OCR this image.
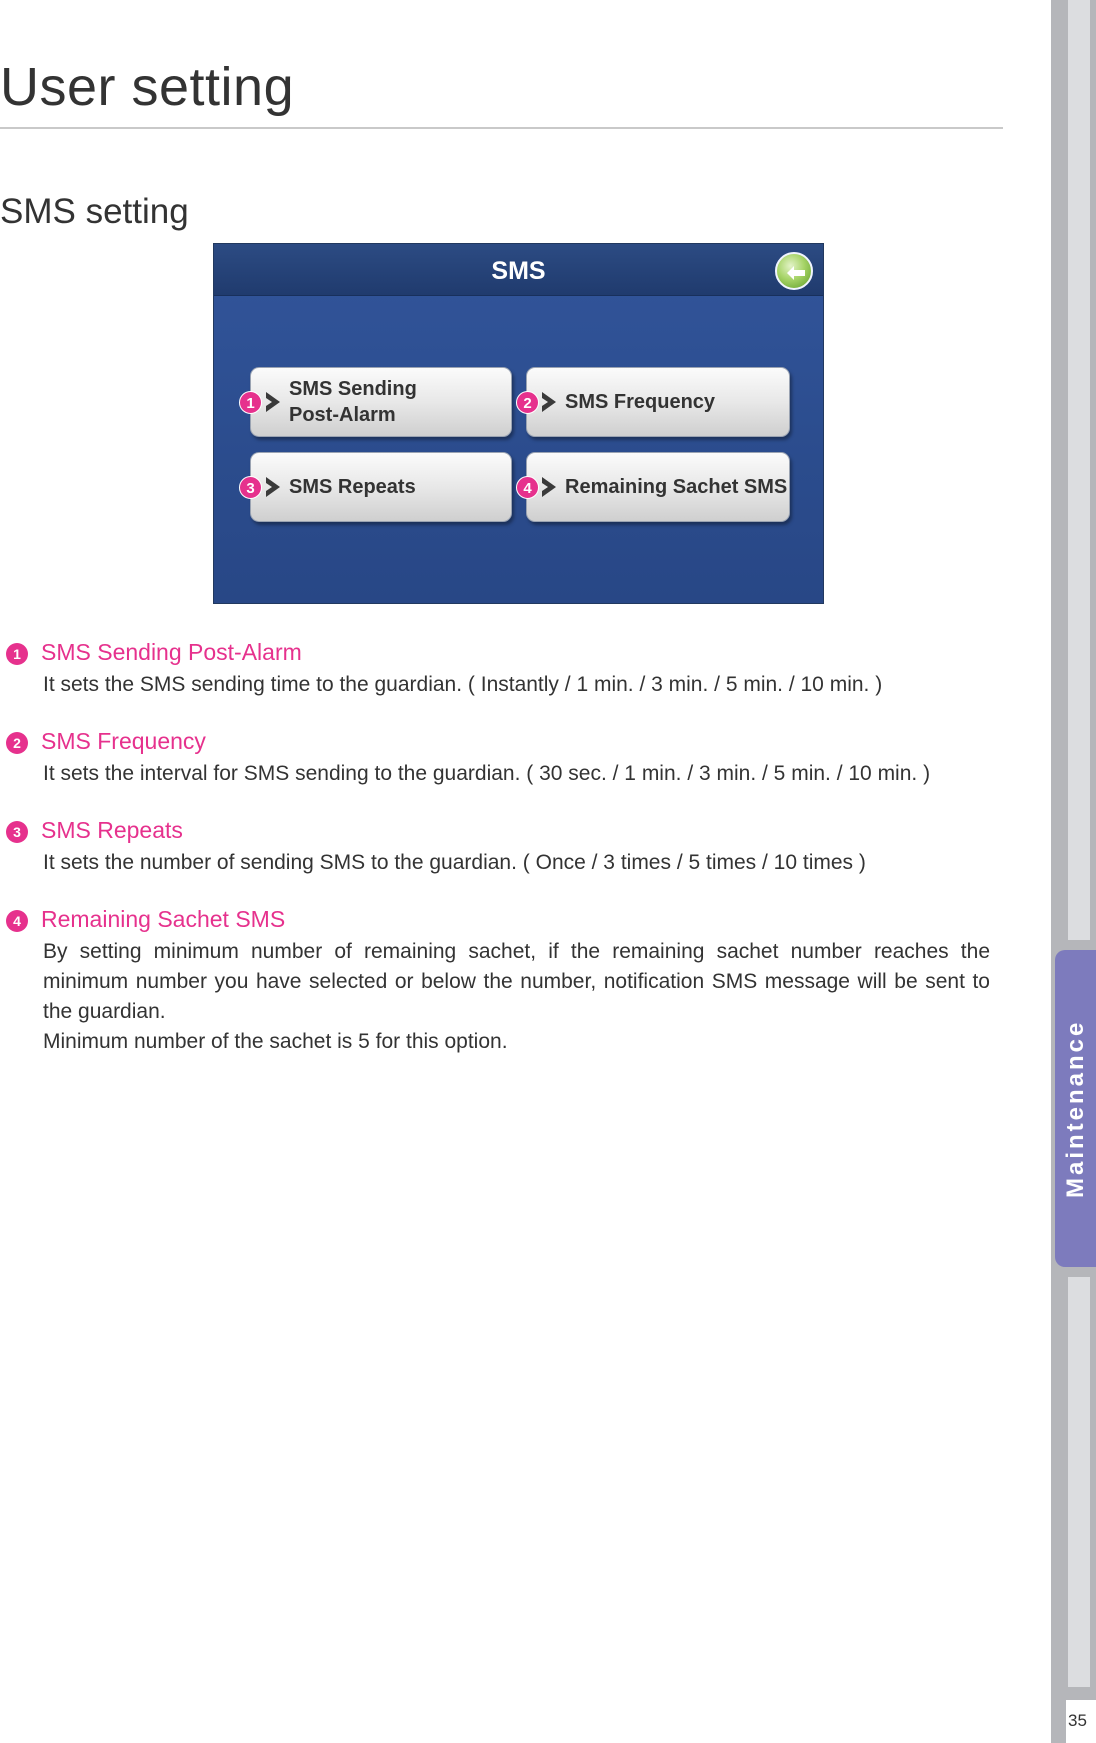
User setting
SMS setting
SMS
SMS Sending
Post-Alarm
1	SMS Frequency
2
SMS Repeats
3	Remaining Sachet SMS
4
1 SMS Sending Post-Alarm
It sets the SMS sending time to the guardian. ( Instantly / 1 min. / 3 min. / 5 min. / 10 min. )
2 SMS Frequency
It sets the interval for SMS sending to the guardian. ( 30 sec. / 1 min. / 3 min. / 5 min. / 10 min. )
3 SMS Repeats
It sets the number of sending SMS to the guardian. ( Once / 3 times / 5 times / 10 times )
4 Remaining Sachet SMS
By setting minimum number of remaining sachet, if the remaining sachet number reaches the minimum number you have selected or below the number, notification SMS message will be sent to the guardian.
Minimum number of the sachet is 5 for this option.	Maintenance
35
